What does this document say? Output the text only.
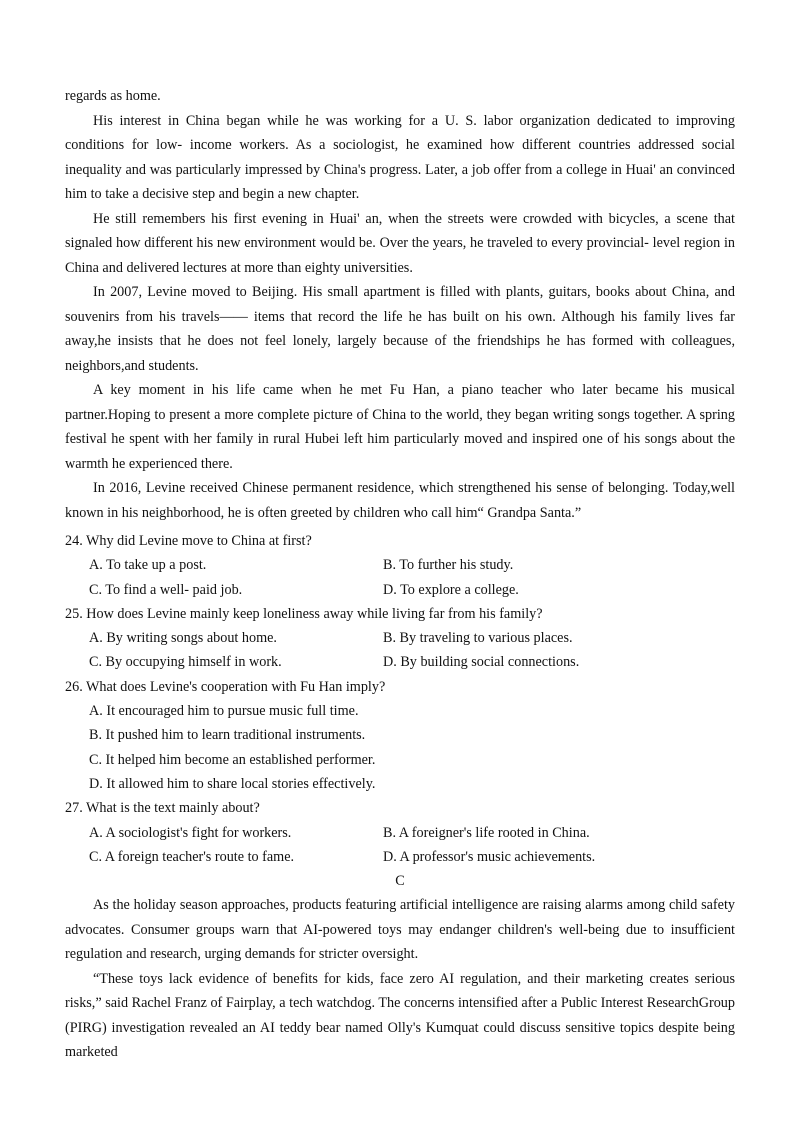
regards as home.

His interest in China began while he was working for a U. S. labor organization dedicated to improving conditions for low- income workers. As a sociologist, he examined how different countries addressed social inequality and was particularly impressed by China's progress. Later, a job offer from a college in Huai' an convinced him to take a decisive step and begin a new chapter.

He still remembers his first evening in Huai' an, when the streets were crowded with bicycles, a scene that signaled how different his new environment would be. Over the years, he traveled to every provincial- level region in China and delivered lectures at more than eighty universities.

In 2007, Levine moved to Beijing. His small apartment is filled with plants, guitars, books about China, and souvenirs from his travels—— items that record the life he has built on his own. Although his family lives far away,he insists that he does not feel lonely, largely because of the friendships he has formed with colleagues, neighbors,and students.

A key moment in his life came when he met Fu Han, a piano teacher who later became his musical partner.Hoping to present a more complete picture of China to the world, they began writing songs together. A spring festival he spent with her family in rural Hubei left him particularly moved and inspired one of his songs about the warmth he experienced there.

In 2016, Levine received Chinese permanent residence, which strengthened his sense of belonging. Today,well known in his neighborhood, he is often greeted by children who call him“ Grandpa Santa.”

24. Why did Levine move to China at first?

A. To take up a post.	B. To further his study.
C. To find a well- paid job.	D. To explore a college.

25. How does Levine mainly keep loneliness away while living far from his family?

A. By writing songs about home.	B. By traveling to various places.
C. By occupying himself in work.	D. By building social connections.

26. What does Levine's cooperation with Fu Han imply?

A. It encouraged him to pursue music full time.
B. It pushed him to learn traditional instruments.
C. It helped him become an established performer.
D. It allowed him to share local stories effectively.

27. What is the text mainly about?

A. A sociologist's fight for workers.	B. A foreigner's life rooted in China.
C. A foreign teacher's route to fame.	D. A professor's music achievements.

C

As the holiday season approaches, products featuring artificial intelligence are raising alarms among child safety advocates. Consumer groups warn that AI-powered toys may endanger children's well-being due to insufficient regulation and research, urging demands for stricter oversight.

“These toys lack evidence of benefits for kids, face zero AI regulation, and their marketing creates serious risks,” said Rachel Franz of Fairplay, a tech watchdog. The concerns intensified after a Public Interest ResearchGroup (PIRG) investigation revealed an AI teddy bear named Olly's Kumquat could discuss sensitive topics despite being marketed
